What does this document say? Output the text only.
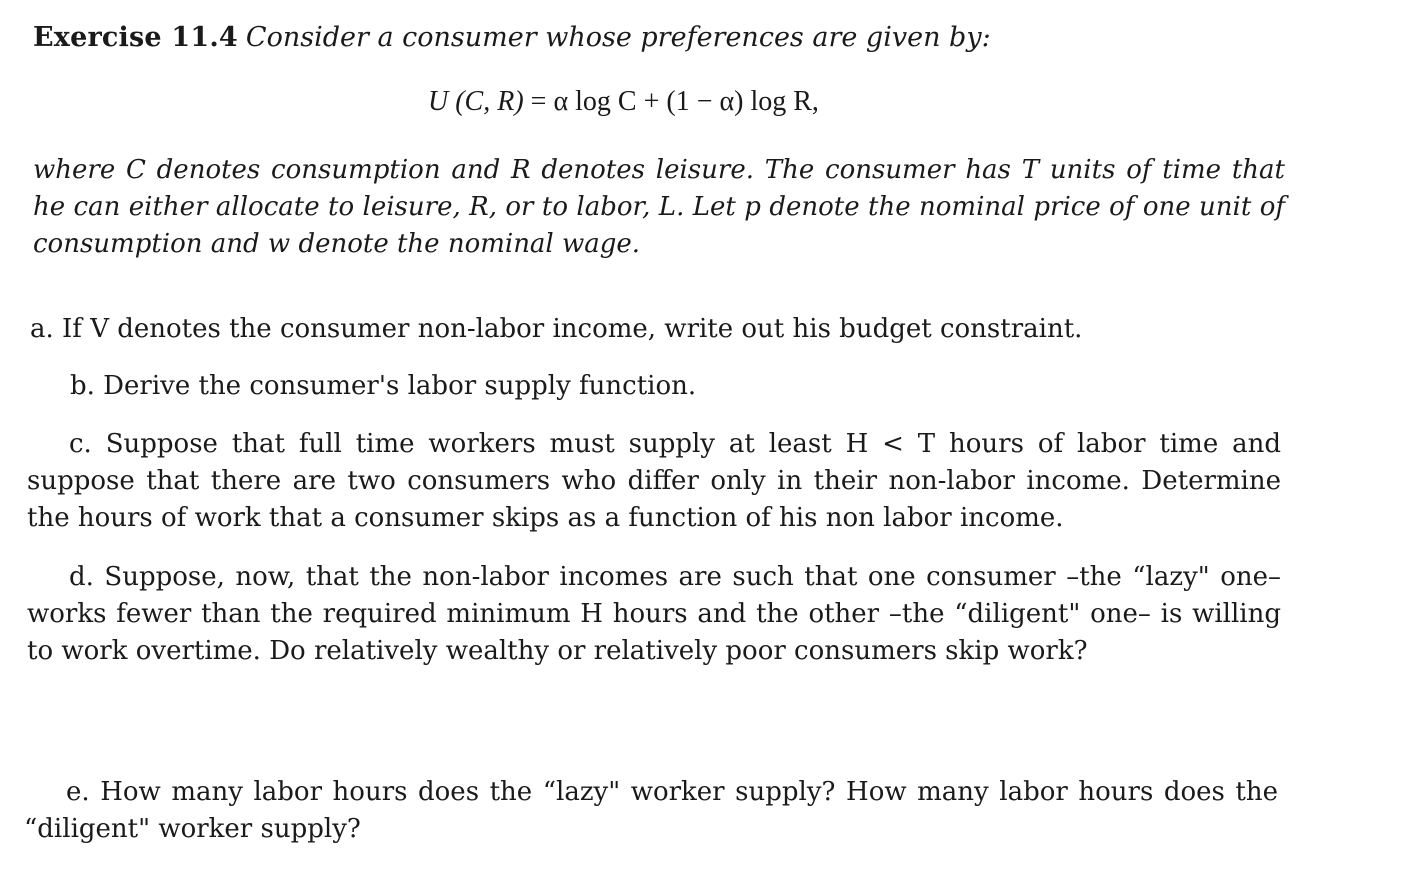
Exercise 11.4 Consider a consumer whose preferences are given by:
U (C, R) = α log C + (1 − α) log R,
where C denotes consumption and R denotes leisure. The consumer has T units of time that he can either allocate to leisure, R, or to labor, L. Let p denote the nominal price of one unit of consumption and w denote the nominal wage.
a. If V denotes the consumer non-labor income, write out his budget constraint.
b. Derive the consumer's labor supply function.
c. Suppose that full time workers must supply at least H < T hours of labor time and suppose that there are two consumers who differ only in their non-labor income. Determine the hours of work that a consumer skips as a function of his non labor income.
d. Suppose, now, that the non-labor incomes are such that one consumer –the “lazy" one– works fewer than the required minimum H hours and the other –the “diligent" one– is willing to work overtime. Do relatively wealthy or relatively poor consumers skip work?
e. How many labor hours does the “lazy" worker supply? How many labor hours does the “diligent" worker supply?
